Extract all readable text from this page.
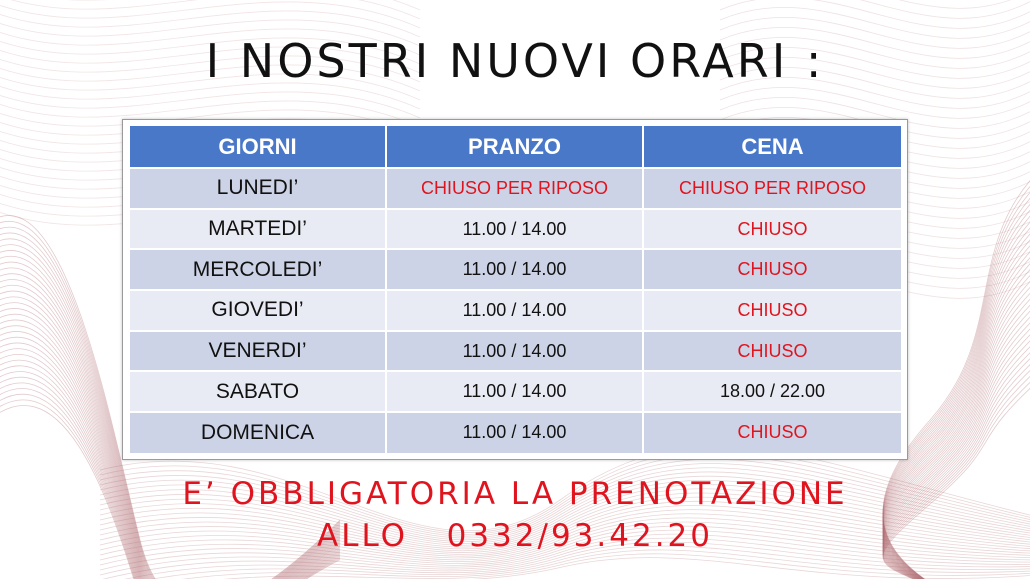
I NOSTRI NUOVI ORARI :
GIORNI	PRANZO	CENA
LUNEDI’	CHIUSO PER RIPOSO	CHIUSO PER RIPOSO
MARTEDI’	11.00 / 14.00	CHIUSO
MERCOLEDI’	11.00 / 14.00	CHIUSO
GIOVEDI’	11.00 / 14.00	CHIUSO
VENERDI’	11.00 / 14.00	CHIUSO
SABATO	11.00 / 14.00	18.00 / 22.00
DOMENICA	11.00 / 14.00	CHIUSO
E’ OBBLIGATORIA LA PRENOTAZIONE
ALLO   0332/93.42.20
